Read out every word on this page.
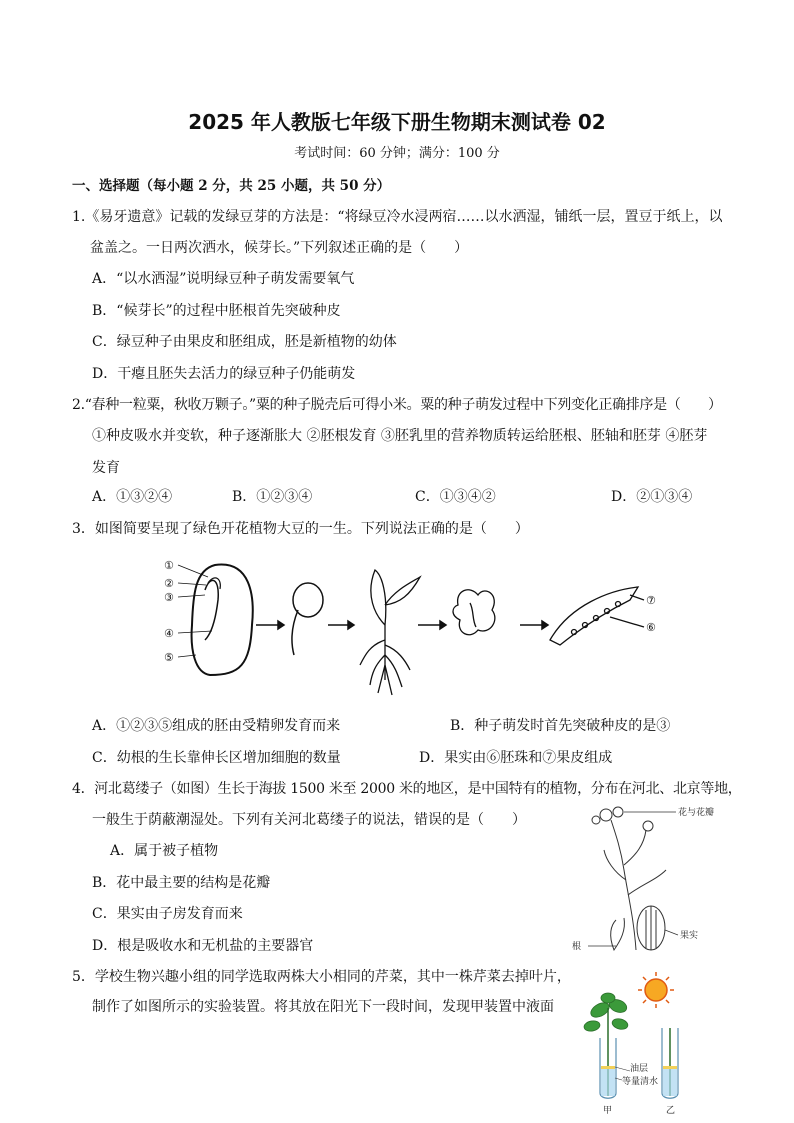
2025 年人教版七年级下册生物期末测试卷 02
考试时间：60 分钟；满分：100 分
一、选择题（每小题 2 分，共 25 小题，共 50 分）
1.《易牙遗意》记载的发绿豆芽的方法是：“将绿豆冷水浸两宿……以水洒湿，铺纸一层，置豆于纸上，以
盆盖之。一日两次洒水，候芽长。”下列叙述正确的是（　　）
A．“以水洒湿”说明绿豆种子萌发需要氧气
B．“候芽长”的过程中胚根首先突破种皮
C．绿豆种子由果皮和胚组成，胚是新植物的幼体
D．干瘪且胚失去活力的绿豆种子仍能萌发
2.“春种一粒粟，秋收万颗子。”粟的种子脱壳后可得小米。粟的种子萌发过程中下列变化正确排序是（　　）
①种皮吸水并变软，种子逐渐胀大 ②胚根发育 ③胚乳里的营养物质转运给胚根、胚轴和胚芽 ④胚芽
发育
A．①③②④	B．①②③④	C．①③④②	D．②①③④
3．如图简要呈现了绿色开花植物大豆的一生。下列说法正确的是（　　）
①
②
③
④
⑤
⑦
⑥
A．①②③⑤组成的胚由受精卵发育而来	B．种子萌发时首先突破种皮的是③
C．幼根的生长靠伸长区增加细胞的数量	D．果实由⑥胚珠和⑦果皮组成
4．河北葛缕子（如图）生长于海拔 1500 米至 2000 米的地区，是中国特有的植物，分布在河北、北京等地，
一般生于荫蔽潮湿处。下列有关河北葛缕子的说法，错误的是（　　）
A．属于被子植物
B．花中最主要的结构是花瓣
C．果实由子房发育而来
D．根是吸收水和无机盐的主要器官
花与花瓣
果实
根
5．学校生物兴趣小组的同学选取两株大小相同的芹菜，其中一株芹菜去掉叶片，
制作了如图所示的实验装置。将其放在阳光下一段时间，发现甲装置中液面
油层
等量清水
甲	乙
